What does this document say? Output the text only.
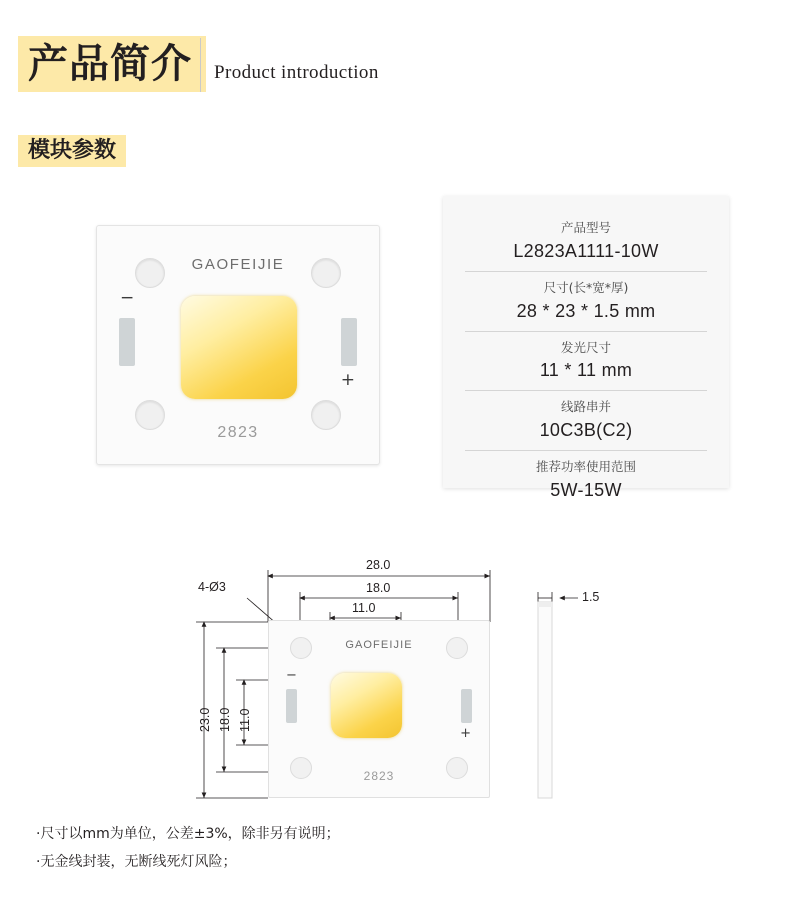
产品简介 Product introduction
模块参数
GAOFEIJIE
−
+
2823
产品型号
L2823A1111-10W
尺寸(长*宽*厚)
28 * 23 * 1.5 mm
发光尺寸
11 * 11 mm
线路串并
10C3B(C2)
推荐功率使用范围
5W-15W
28.0
18.0
11.0
4-Ø3
23.0 18.0 11.0
1.5
GAOFEIJIE
−
+
2823
·尺寸以mm为单位，公差±3%，除非另有说明；
·无金线封装，无断线死灯风险；
